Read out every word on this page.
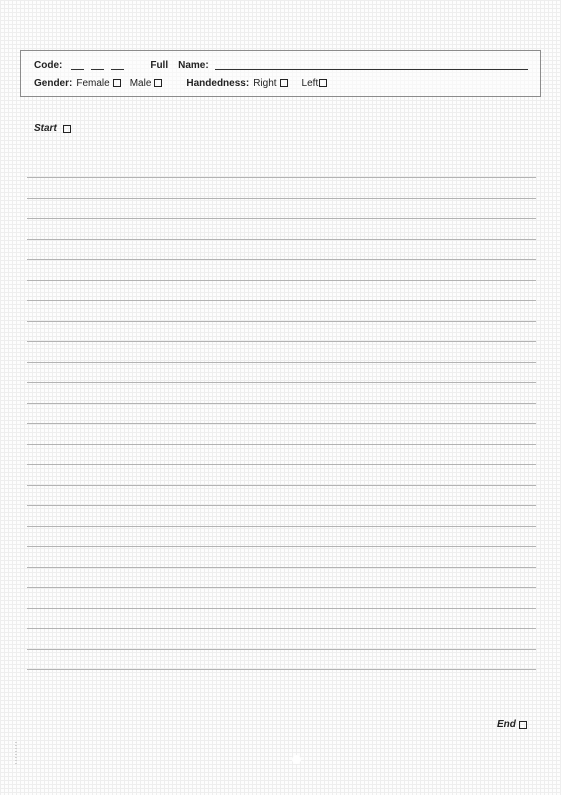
Code:	Full Name:
Gender: Female Male	Handedness: Right	Left
Start
End
